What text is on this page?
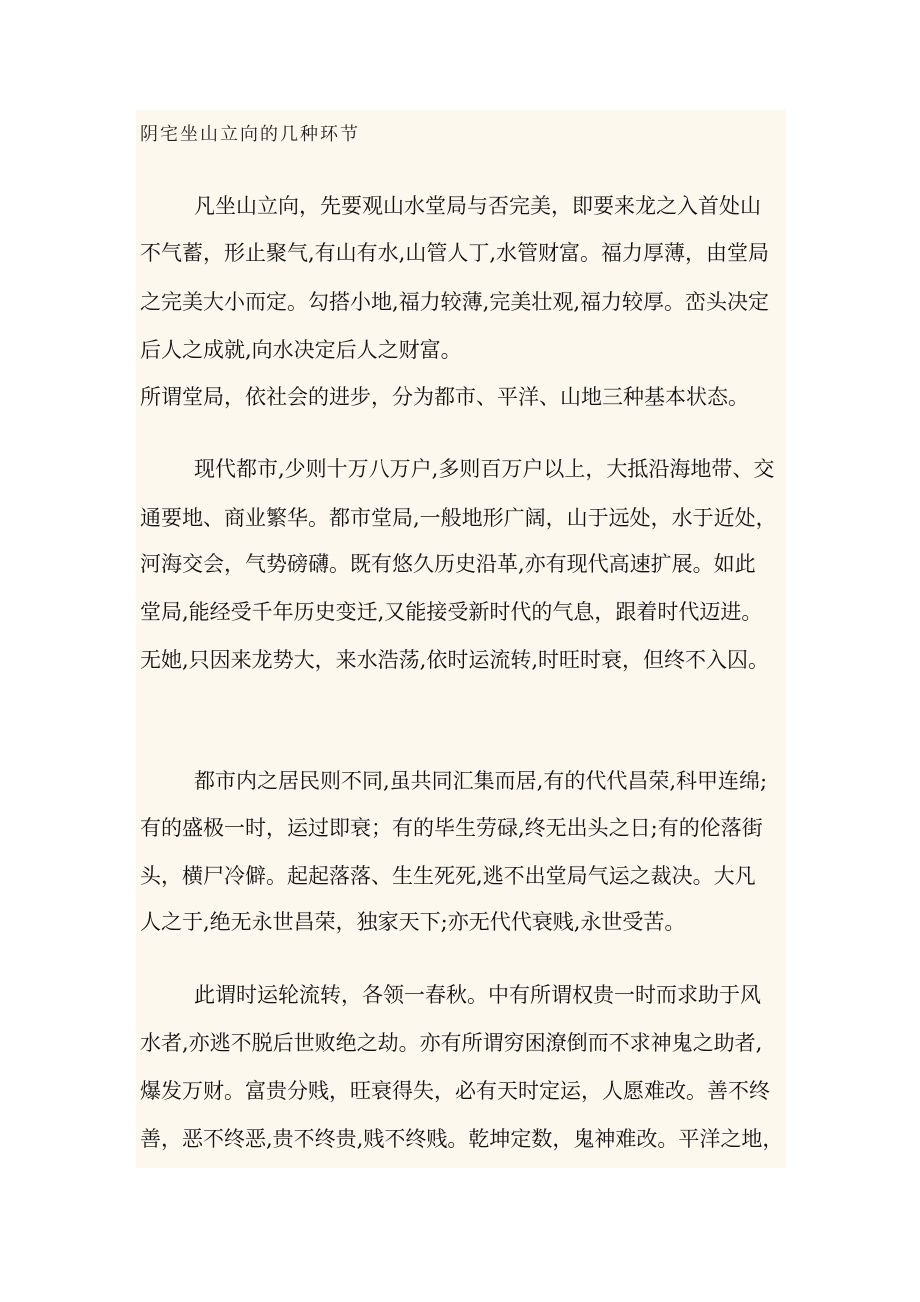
阴宅坐山立向的几种环节
凡坐山立向，先要观山水堂局与否完美，即要来龙之入首处山
不气蓄，形止聚气,有山有水,山管人丁,水管财富。福力厚薄，由堂局
之完美大小而定。勾搭小地,福力较薄,完美壮观,福力较厚。峦头决定
后人之成就,向水决定后人之财富。
所谓堂局，依社会的进步，分为都市、平洋、山地三种基本状态。
现代都市,少则十万八万户,多则百万户以上，大抵沿海地带、交
通要地、商业繁华。都市堂局,一般地形广阔，山于远处，水于近处，
河海交会，气势磅礴。既有悠久历史沿革,亦有现代高速扩展。如此
堂局,能经受千年历史变迁,又能接受新时代的气息，跟着时代迈进。
无她,只因来龙势大，来水浩荡,依时运流转,时旺时衰，但终不入囚。
都市内之居民则不同,虽共同汇集而居,有的代代昌荣,科甲连绵;
有的盛极一时，运过即衰；有的毕生劳碌,终无出头之日;有的伦落街
头，横尸冷僻。起起落落、生生死死,逃不出堂局气运之裁决。大凡
人之于,绝无永世昌荣，独家天下;亦无代代衰贱,永世受苦。
此谓时运轮流转，各领一春秋。中有所谓权贵一时而求助于风
水者,亦逃不脱后世败绝之劫。亦有所谓穷困潦倒而不求神鬼之助者,
爆发万财。富贵分贱，旺衰得失，必有天时定运，人愿难改。善不终
善，恶不终恶,贵不终贵,贱不终贱。乾坤定数，鬼神难改。平洋之地，
